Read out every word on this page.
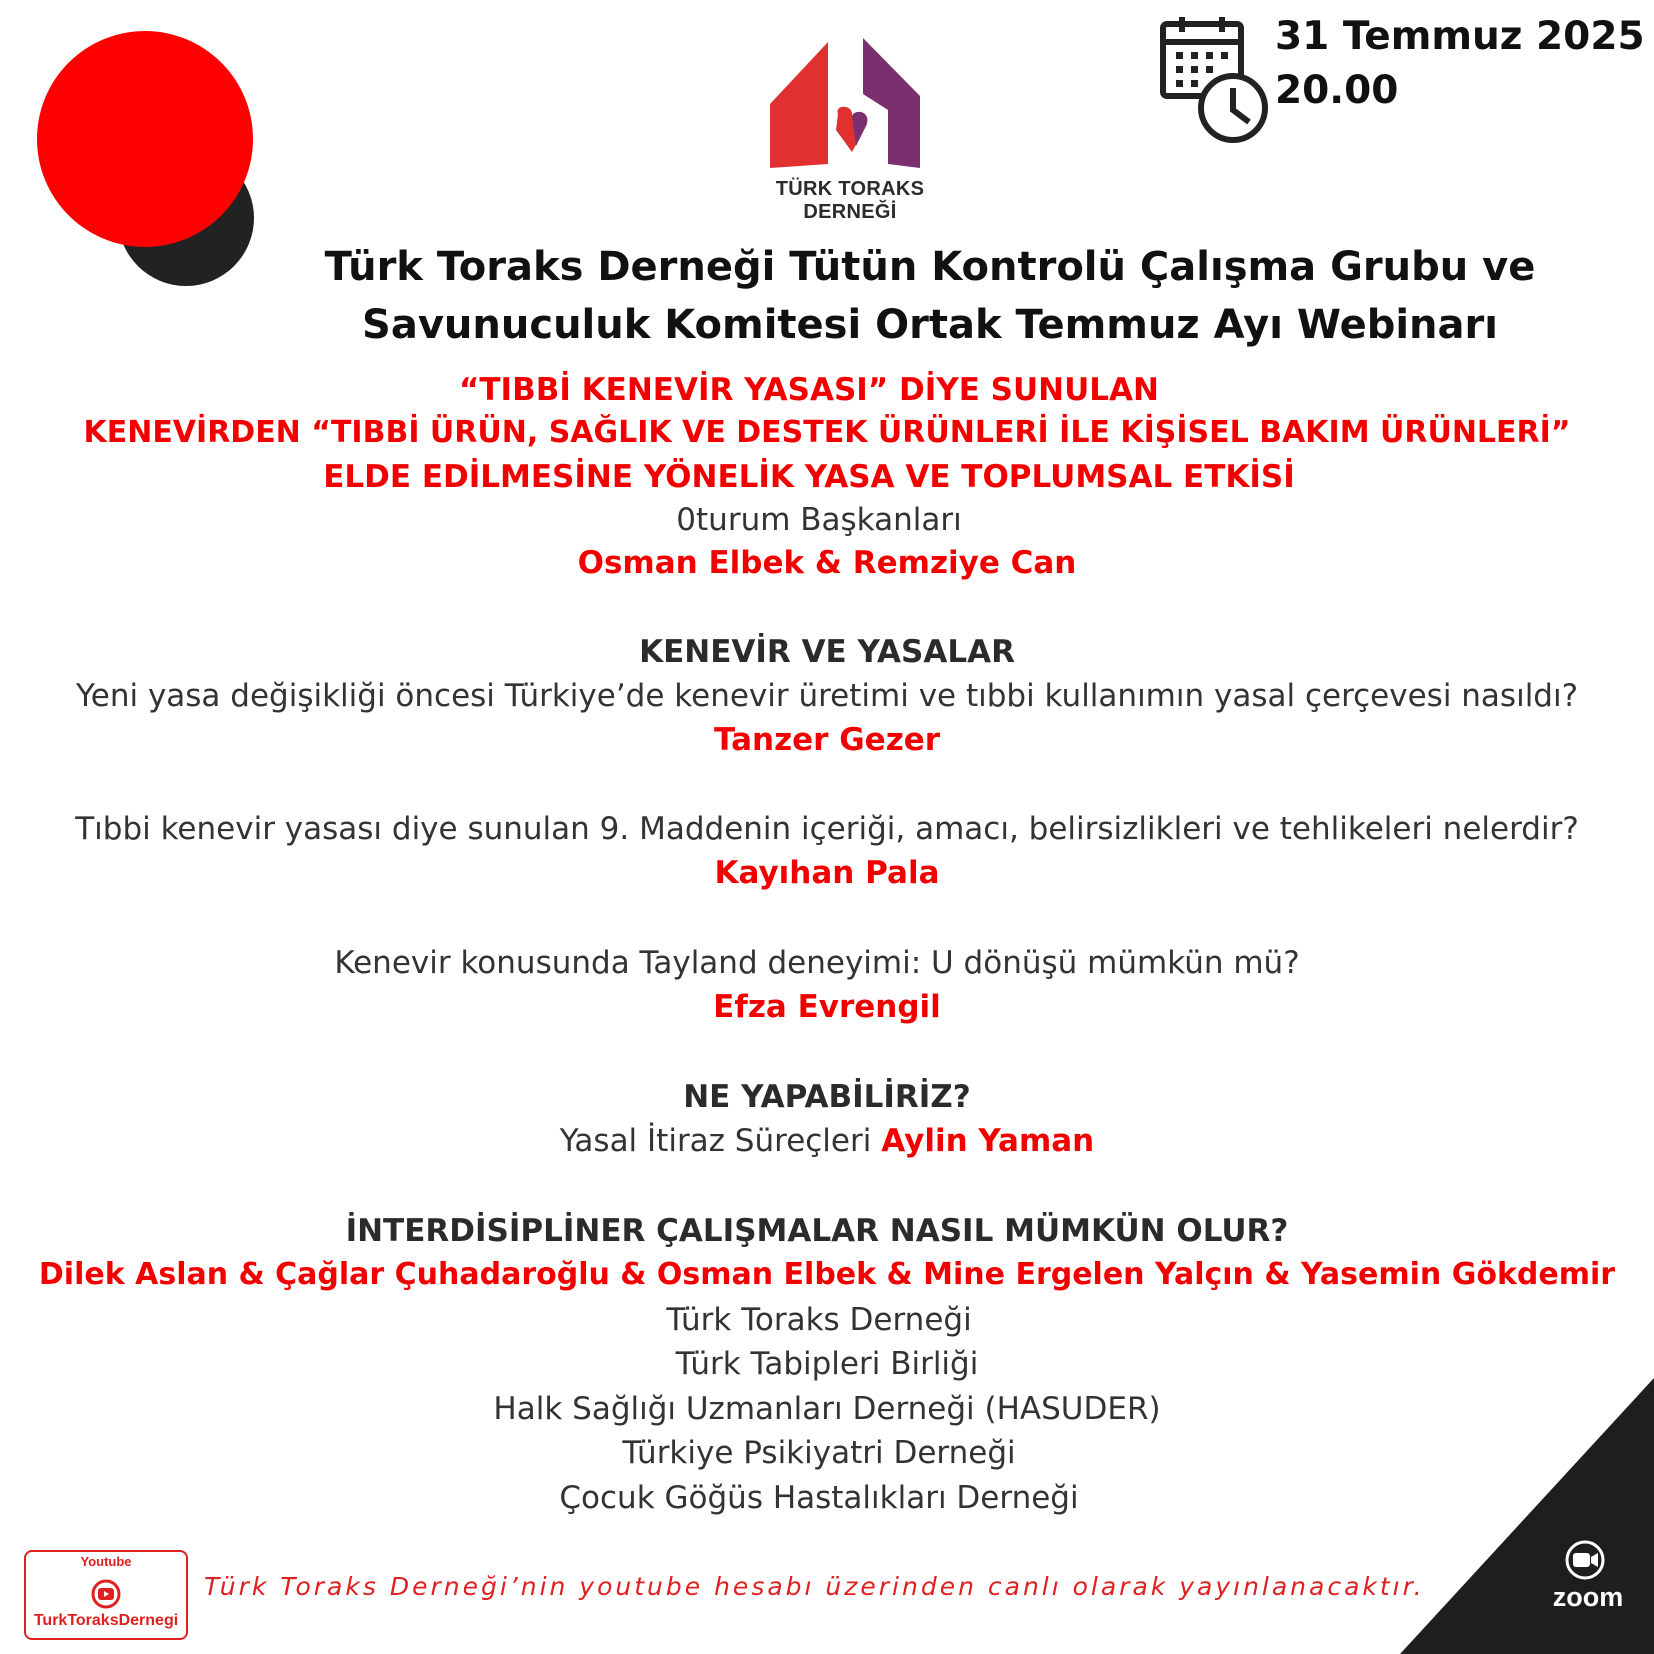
TÜRK TORAKS DERNEĞİ
31 Temmuz 2025
20.00
Türk Toraks Derneği Tütün Kontrolü Çalışma Grubu ve
Savunuculuk Komitesi Ortak Temmuz Ayı Webinarı
“TIBBİ KENEVİR YASASI” DİYE SUNULAN
KENEVİRDEN “TIBBİ ÜRÜN, SAĞLIK VE DESTEK ÜRÜNLERİ İLE KİŞİSEL BAKIM ÜRÜNLERİ”
ELDE EDİLMESİNE YÖNELİK YASA VE TOPLUMSAL ETKİSİ
0turum Başkanları
Osman Elbek & Remziye Can
KENEVİR VE YASALAR
Yeni yasa değişikliği öncesi Türkiye’de kenevir üretimi ve tıbbi kullanımın yasal çerçevesi nasıldı?
Tanzer Gezer
Tıbbi kenevir yasası diye sunulan 9. Maddenin içeriği, amacı, belirsizlikleri ve tehlikeleri nelerdir?
Kayıhan Pala
Kenevir konusunda Tayland deneyimi: U dönüşü mümkün mü?
Efza Evrengil
NE YAPABİLİRİZ?
Yasal İtiraz Süreçleri Aylin Yaman
İNTERDİSİPLİNER ÇALIŞMALAR NASIL MÜMKÜN OLUR?
Dilek Aslan & Çağlar Çuhadaroğlu & Osman Elbek & Mine Ergelen Yalçın & Yasemin Gökdemir
Türk Toraks Derneği
Türk Tabipleri Birliği
Halk Sağlığı Uzmanları Derneği (HASUDER)
Türkiye Psikiyatri Derneği
Çocuk Göğüs Hastalıkları Derneği
Youtube
TurkToraksDernegi
Türk Toraks Derneği’nin youtube hesabı üzerinden canlı olarak yayınlanacaktır.	zoom
